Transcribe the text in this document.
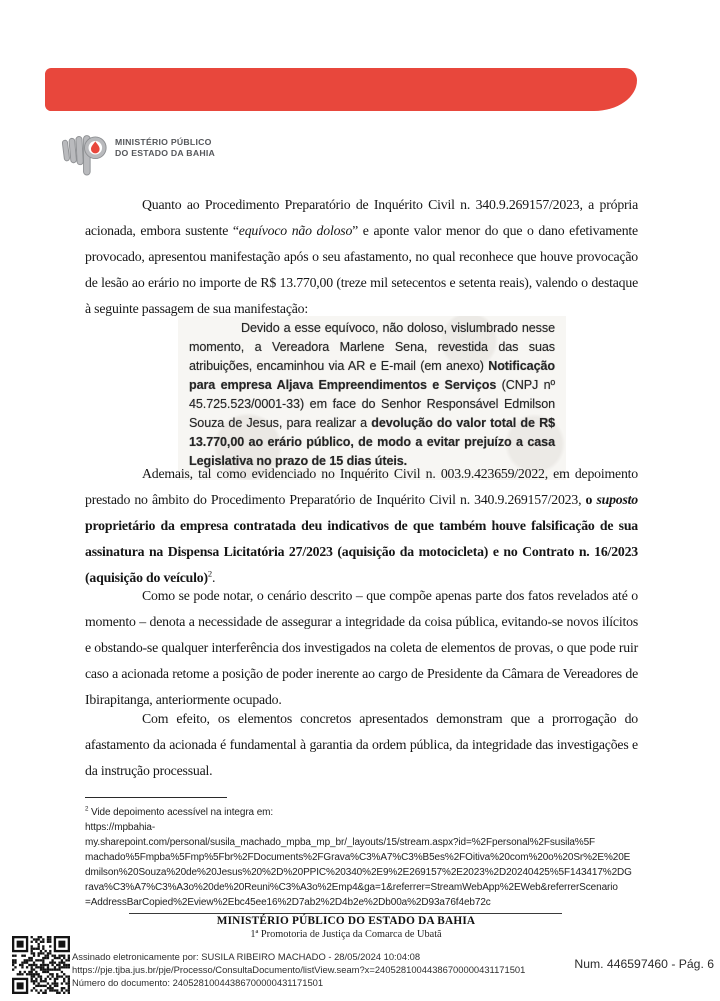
MINISTÉRIO PÚBLICO
DO ESTADO DA BAHIA

Quanto ao Procedimento Preparatório de Inquérito Civil n. 340.9.269157/2023, a própria acionada, embora sustente “equívoco não doloso” e aponte valor menor do que o dano efetivamente provocado, apresentou manifestação após o seu afastamento, no qual reconhece que houve provocação de lesão ao erário no importe de R$ 13.770,00 (treze mil setecentos e setenta reais), valendo o destaque à seguinte passagem de sua manifestação:

Devido a esse equívoco, não doloso, vislumbrado nesse momento, a Vereadora Marlene Sena, revestida das suas atribuições, encaminhou via AR e E-mail (em anexo) Notificação para empresa Aljava Empreendimentos e Serviços (CNPJ nº 45.725.523/0001-33) em face do Senhor Responsável Edmilson Souza de Jesus, para realizar a devolução do valor total de R$ 13.770,00 ao erário público, de modo a evitar prejuízo a casa Legislativa no prazo de 15 dias úteis.

Ademais, tal como evidenciado no Inquérito Civil n. 003.9.423659/2022, em depoimento prestado no âmbito do Procedimento Preparatório de Inquérito Civil n. 340.9.269157/2023, o suposto proprietário da empresa contratada deu indicativos de que também houve falsificação de sua assinatura na Dispensa Licitatória 27/2023 (aquisição da motocicleta) e no Contrato n. 16/2023 (aquisição do veículo)$^2$.

Como se pode notar, o cenário descrito – que compõe apenas parte dos fatos revelados até o momento – denota a necessidade de assegurar a integridade da coisa pública, evitando-se novos ilícitos e obstando-se qualquer interferência dos investigados na coleta de elementos de provas, o que pode ruir caso a acionada retome a posição de poder inerente ao cargo de Presidente da Câmara de Vereadores de Ibirapitanga, anteriormente ocupado.

Com efeito, os elementos concretos apresentados demonstram que a prorrogação do afastamento da acionada é fundamental à garantia da ordem pública, da integridade das investigações e da instrução processual.

$^2$ Vide depoimento acessível na integra em:
https://mpbahia-
my.sharepoint.com/personal/susila_machado_mpba_mp_br/_layouts/15/stream.aspx?id=%2Fpersonal%2Fsusila%5F
machado%5Fmpba%5Fmp%5Fbr%2FDocuments%2FGrava%C3%A7%C3%B5es%2FOitiva%20com%20o%20Sr%2E%20E
dmilson%20Souza%20de%20Jesus%20%2D%20PPIC%20340%2E9%2E269157%2E2023%2D20240425%5F143417%2DG
rava%C3%A7%C3%A3o%20de%20Reuni%C3%A3o%2Emp4&ga=1&referrer=StreamWebApp%2EWeb&referrerScenario
=AddressBarCopied%2Eview%2Ebc45ee16%2D7ab2%2D4b2e%2Db00a%2D93a76f4eb72c
MINISTÉRIO PÚBLICO DO ESTADO DA BAHIA
1ª Promotoria de Justiça da Comarca de Ubatã
Assinado eletronicamente por: SUSILA RIBEIRO MACHADO - 28/05/2024 10:04:08
https://pje.tjba.jus.br/pje/Processo/ConsultaDocumento/listView.seam?x=24052810044386700000431171501
Número do documento: 24052810044386700000431171501
Num. 446597460 - Pág. 6
